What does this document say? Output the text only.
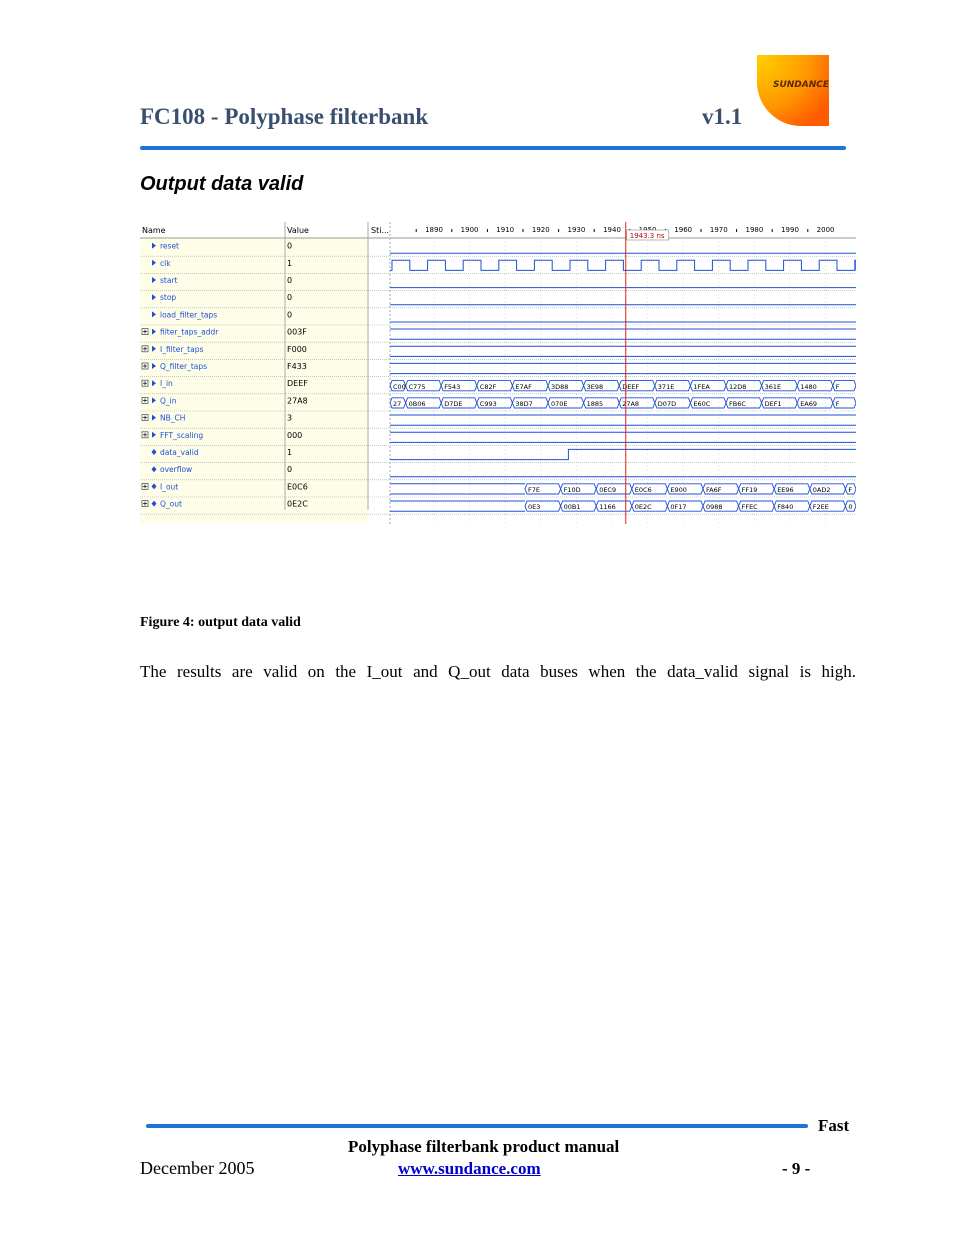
FC108 - Polyphase filterbank	v1.1
SUNDANCE
Output data valid
Name	Value	Sti...	1890	1900	1910	1920	1930	1940	1960	1970	1980	1990	2000
reset	0
clk	1
start	0
stop	0
load_filter_taps	0
filter_taps_addr	003F
I_filter_taps	F000
Q_filter_taps	F433
I_in	DEEF	C00 C775	F543	C82F	E7AF	3D88	3E98	DEEF	371E	1FEA	12D8	361E	1480	F
Q_in	27A8	27 0B06	D7DE	C993	38D7	070E	1885	27A8	D07D	E60C	FB6C	DEF1	EA69	F
NB_CH	3
FFT_scaling	000
data_valid	1
overflow	0
I_out	E0C6	F7E	F10D	0EC9	E0C6	E900	FA6F	FF19	EE96	0AD2	F
Q_out	0E2C	0E3	00B1	1166	0E2C	0F17	0988	FFEC	F840	F2EE	0
1943.3 ns
Figure 4: output data valid
The results are valid on the I_out and Q_out data buses when the data_valid signal is high.
Fast
Polyphase filterbank product manual
December 2005	www.sundance.com	- 9 -
